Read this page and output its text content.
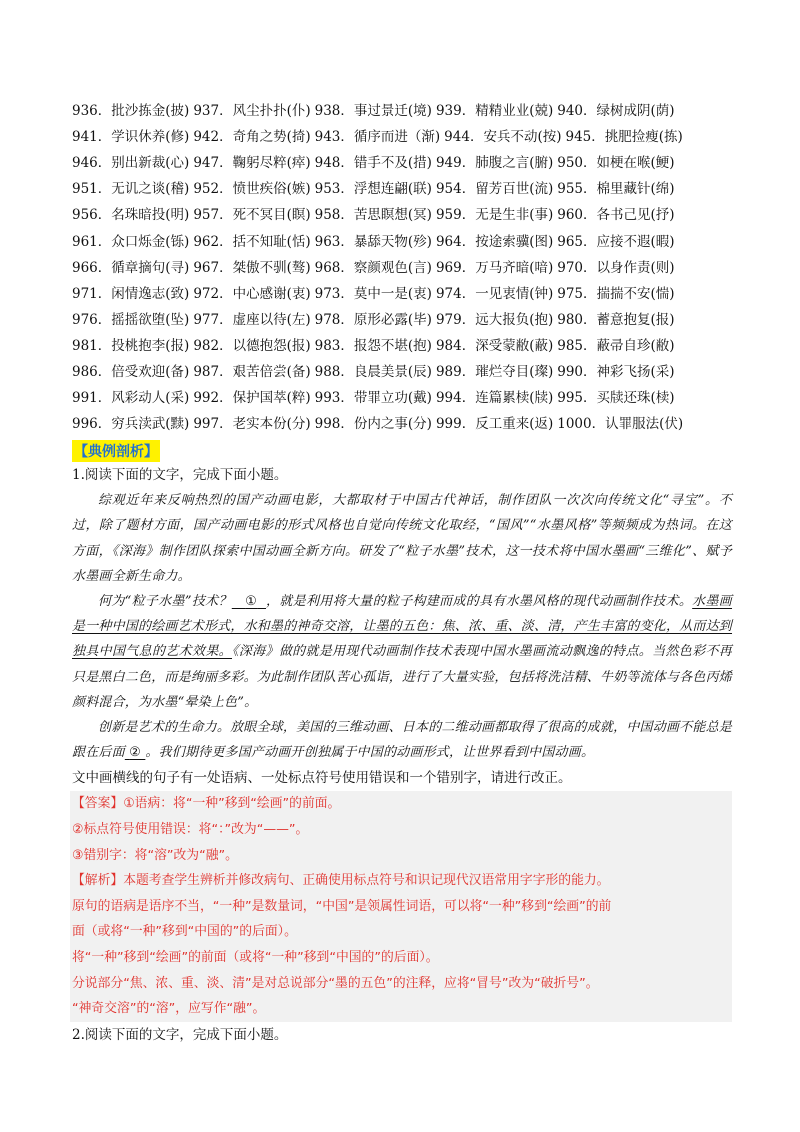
936．批沙拣金(披) 937．风尘扑扑(仆) 938．事过景迁(境) 939．精精业业(兢) 940．绿树成阴(荫)
941．学识休养(修) 942．奇角之势(掎) 943．循序而进（渐) 944．安兵不动(按) 945．挑肥捡瘦(拣)
946．别出新裁(心) 947．鞠躬尽粹(瘁) 948．错手不及(措) 949．肺腹之言(腑) 950．如梗在喉(鲠)
951．无讥之谈(稽) 952．愤世疾俗(嫉) 953．浮想连翩(联) 954．留芳百世(流) 955．棉里藏针(绵)
956．名珠暗投(明) 957．死不冥目(瞑) 958．苦思瞑想(冥) 959．无是生非(事) 960．各书己见(抒)
961．众口烁金(铄) 962．括不知耻(恬) 963．暴舔天物(殄) 964．按途索骥(图) 965．应接不遐(暇)
966．循章摘句(寻) 967．桀傲不驯(骜) 968．察颜观色(言) 969．万马齐暗(喑) 970．以身作责(则)
971．闲情逸志(致) 972．中心感谢(衷) 973．莫中一是(衷) 974．一见衷情(钟) 975．揣揣不安(惴)
976．摇摇欲堕(坠) 977．虚座以待(左) 978．原形必露(毕) 979．远大报负(抱) 980．蓄意抱复(报)
981．投桃抱李(报) 982．以德抱怨(报) 983．报怨不堪(抱) 984．深受蒙敝(蔽) 985．蔽帚自珍(敝)
986．倍受欢迎(备) 987．艰苦倍尝(备) 988．良晨美景(辰) 989．璀烂夺目(璨) 990．神彩飞扬(采)
991．风彩动人(采) 992．保护国萃(粹) 993．带罪立功(戴) 994．连篇累椟(牍) 995．买牍还珠(椟)
996．穷兵渎武(黩) 997．老实本份(分) 998．份内之事(分) 999．反工重来(返) 1000．认罪服法(伏)
【典例剖析】
1.阅读下面的文字，完成下面小题。

综观近年来反响热烈的国产动画电影，大都取材于中国古代神话，制作团队一次次向传统文化“寻宝”。不过，除了题材方面，国产动画电影的形式风格也自觉向传统文化取经，“国风”“水墨风格”等频频成为热词。在这方面，《深海》制作团队探索中国动画全新方向。研发了“粒子水墨”技术，这一技术将中国水墨画“三维化”、赋予水墨画全新生命力。

何为“粒子水墨”技术？ ① ，就是利用将大量的粒子构建而成的具有水墨风格的现代动画制作技术。水墨画是一种中国的绘画艺术形式，水和墨的神奇交溶，让墨的五色：焦、浓、重、淡、清，产生丰富的变化，从而达到独具中国气息的艺术效果。《深海》做的就是用现代动画制作技术表现中国水墨画流动飘逸的特点。当然色彩不再只是黑白二色，而是绚丽多彩。为此制作团队苦心孤诣，进行了大量实验，包括将洗洁精、牛奶等流体与各色丙烯颜料混合，为水墨“晕染上色”。

创新是艺术的生命力。放眼全球，美国的三维动画、日本的二维动画都取得了很高的成就，中国动画不能总是跟在后面 ② 。我们期待更多国产动画开创独属于中国的动画形式，让世界看到中国动画。

文中画横线的句子有一处语病、一处标点符号使用错误和一个错别字，请进行改正。
【答案】①语病：将“一种”移到“绘画”的前面。
②标点符号使用错误：将“：”改为“——”。
③错别字：将“溶”改为“融”。
【解析】本题考查学生辨析并修改病句、正确使用标点符号和识记现代汉语常用字字形的能力。
原句的语病是语序不当，“一种”是数量词，“中国”是领属性词语，可以将“一种”移到“绘画”的前
面（或将“一种”移到“中国的”的后面）。
将“一种”移到“绘画”的前面（或将“一种”移到“中国的”的后面）。
分说部分“焦、浓、重、淡、清”是对总说部分“墨的五色”的注释，应将“冒号”改为“破折号”。
“神奇交溶”的“溶”，应写作“融”。
2.阅读下面的文字，完成下面小题。
